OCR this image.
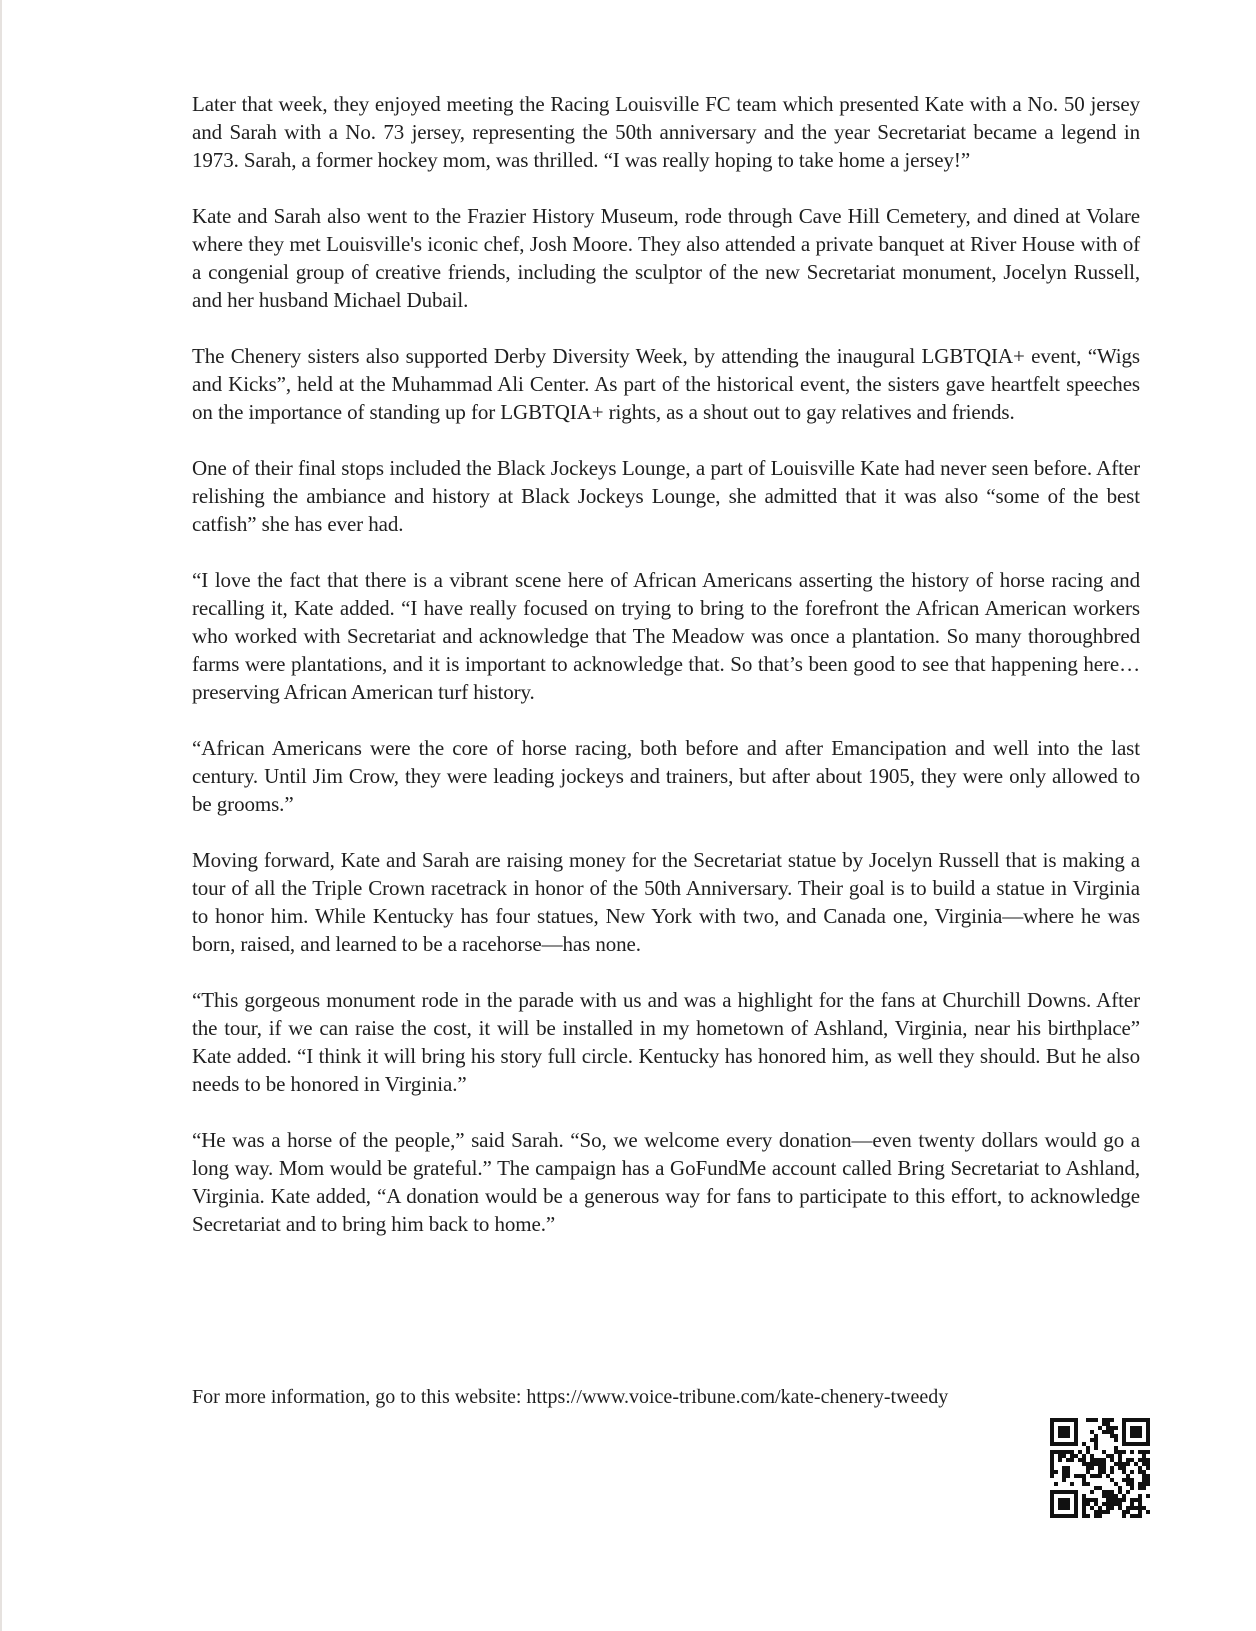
Later that week, they enjoyed meeting the Racing Louisville FC team which presented Kate with a No. 50 jersey and Sarah with a No. 73 jersey, representing the 50th anniversary and the year Secretariat became a legend in 1973. Sarah, a former hockey mom, was thrilled. “I was really hoping to take home a jersey!”

Kate and Sarah also went to the Frazier History Museum, rode through Cave Hill Cemetery, and dined at Volare where they met Louisville's iconic chef, Josh Moore. They also attended a private banquet at River House with of a congenial group of creative friends, including the sculptor of the new Secretariat monument, Jocelyn Russell, and her husband Michael Dubail.

The Chenery sisters also supported Derby Diversity Week, by attending the inaugural LGBTQIA+ event, “Wigs and Kicks”, held at the Muhammad Ali Center. As part of the historical event, the sisters gave heartfelt speeches on the importance of standing up for LGBTQIA+ rights, as a shout out to gay relatives and friends.

One of their final stops included the Black Jockeys Lounge, a part of Louisville Kate had never seen before. After relishing the ambiance and history at Black Jockeys Lounge, she admitted that it was also “some of the best catfish” she has ever had.

“I love the fact that there is a vibrant scene here of African Americans asserting the history of horse racing and recalling it, Kate added. “I have really focused on trying to bring to the forefront the African American workers who worked with Secretariat and acknowledge that The Meadow was once a plantation. So many thoroughbred farms were plantations, and it is important to acknowledge that. So that’s been good to see that happening here… preserving African American turf history.

“African Americans were the core of horse racing, both before and after Emancipation and well into the last century. Until Jim Crow, they were leading jockeys and trainers, but after about 1905, they were only allowed to be grooms.”

Moving forward, Kate and Sarah are raising money for the Secretariat statue by Jocelyn Russell that is making a tour of all the Triple Crown racetrack in honor of the 50th Anniversary. Their goal is to build a statue in Virginia to honor him. While Kentucky has four statues, New York with two, and Canada one, Virginia—where he was born, raised, and learned to be a racehorse—has none.

“This gorgeous monument rode in the parade with us and was a highlight for the fans at Churchill Downs. After the tour, if we can raise the cost, it will be installed in my hometown of Ashland, Virginia, near his birthplace” Kate added. “I think it will bring his story full circle. Kentucky has honored him, as well they should. But he also needs to be honored in Virginia.”

“He was a horse of the people,” said Sarah. “So, we welcome every donation—even twenty dollars would go a long way. Mom would be grateful.” The campaign has a GoFundMe account called Bring Secretariat to Ashland, Virginia. Kate added, “A donation would be a generous way for fans to participate to this effort, to acknowledge Secretariat and to bring him back to home.”

For more information, go to this website: https://www.voice-tribune.com/kate-chenery-tweedy
